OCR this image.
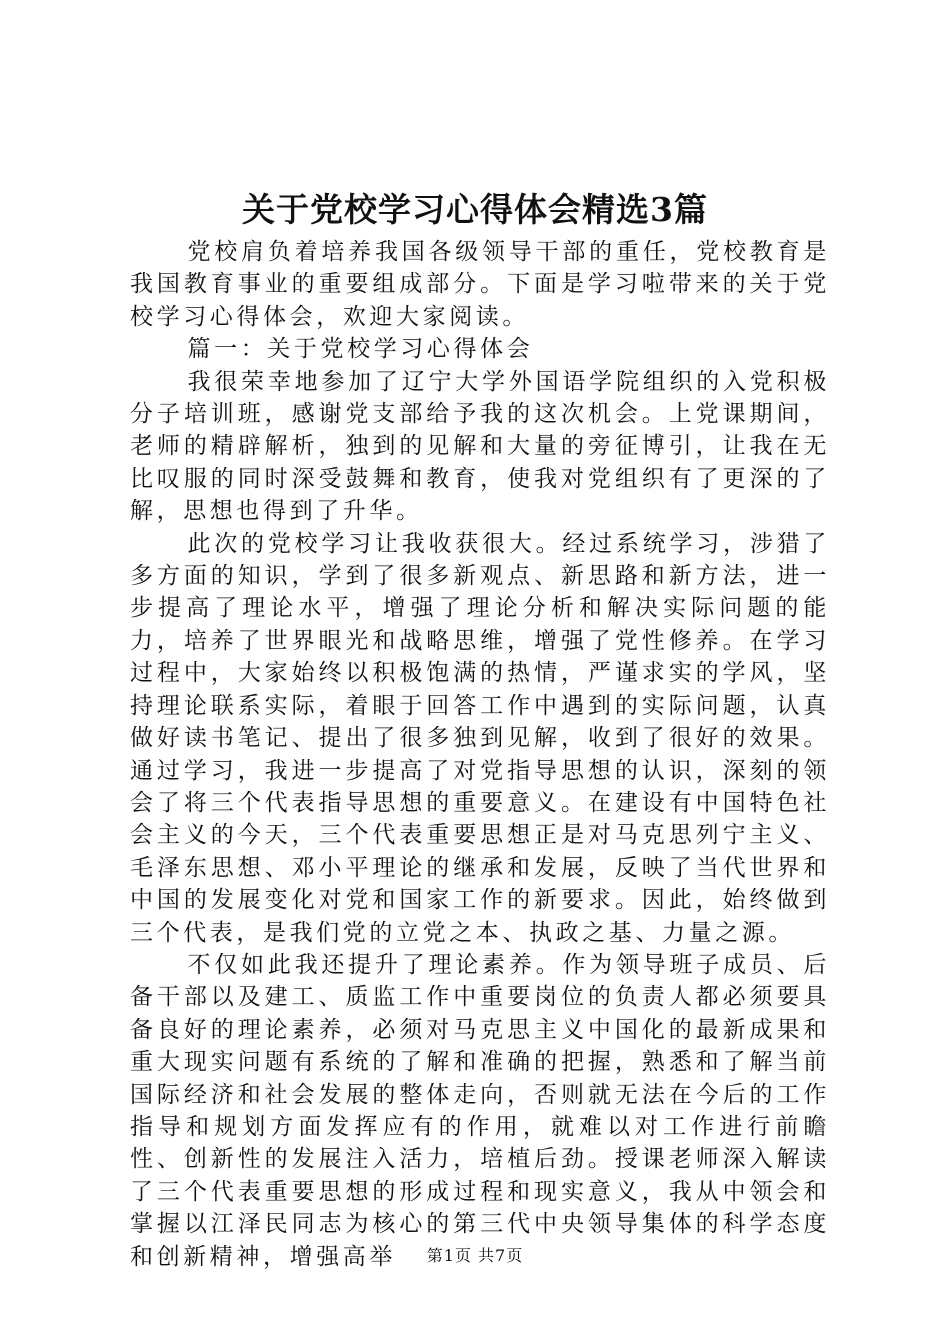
关于党校学习心得体会精选3篇

党校肩负着培养我国各级领导干部的重任，党校教育是我国教育事业的重要组成部分。下面是学习啦带来的关于党校学习心得体会，欢迎大家阅读。

篇一：关于党校学习心得体会

我很荣幸地参加了辽宁大学外国语学院组织的入党积极分子培训班，感谢党支部给予我的这次机会。上党课期间，老师的精辟解析，独到的见解和大量的旁征博引，让我在无比叹服的同时深受鼓舞和教育，使我对党组织有了更深的了解，思想也得到了升华。

此次的党校学习让我收获很大。经过系统学习，涉猎了多方面的知识，学到了很多新观点、新思路和新方法，进一步提高了理论水平，增强了理论分析和解决实际问题的能力，培养了世界眼光和战略思维，增强了党性修养。在学习过程中，大家始终以积极饱满的热情，严谨求实的学风，坚持理论联系实际，着眼于回答工作中遇到的实际问题，认真做好读书笔记、提出了很多独到见解，收到了很好的效果。通过学习，我进一步提高了对党指导思想的认识，深刻的领会了将三个代表指导思想的重要意义。在建设有中国特色社会主义的今天，三个代表重要思想正是对马克思列宁主义、毛泽东思想、邓小平理论的继承和发展，反映了当代世界和中国的发展变化对党和国家工作的新要求。因此，始终做到三个代表，是我们党的立党之本、执政之基、力量之源。

不仅如此我还提升了理论素养。作为领导班子成员、后备干部以及建工、质监工作中重要岗位的负责人都必须要具备良好的理论素养，必须对马克思主义中国化的最新成果和重大现实问题有系统的了解和准确的把握，熟悉和了解当前国际经济和社会发展的整体走向，否则就无法在今后的工作指导和规划方面发挥应有的作用，就难以对工作进行前瞻性、创新性的发展注入活力，培植后劲。授课老师深入解读了三个代表重要思想的形成过程和现实意义，我从中领会和掌握以江泽民同志为核心的第三代中央领导集体的科学态度和创新精神，增强高举	第1页 共7页
